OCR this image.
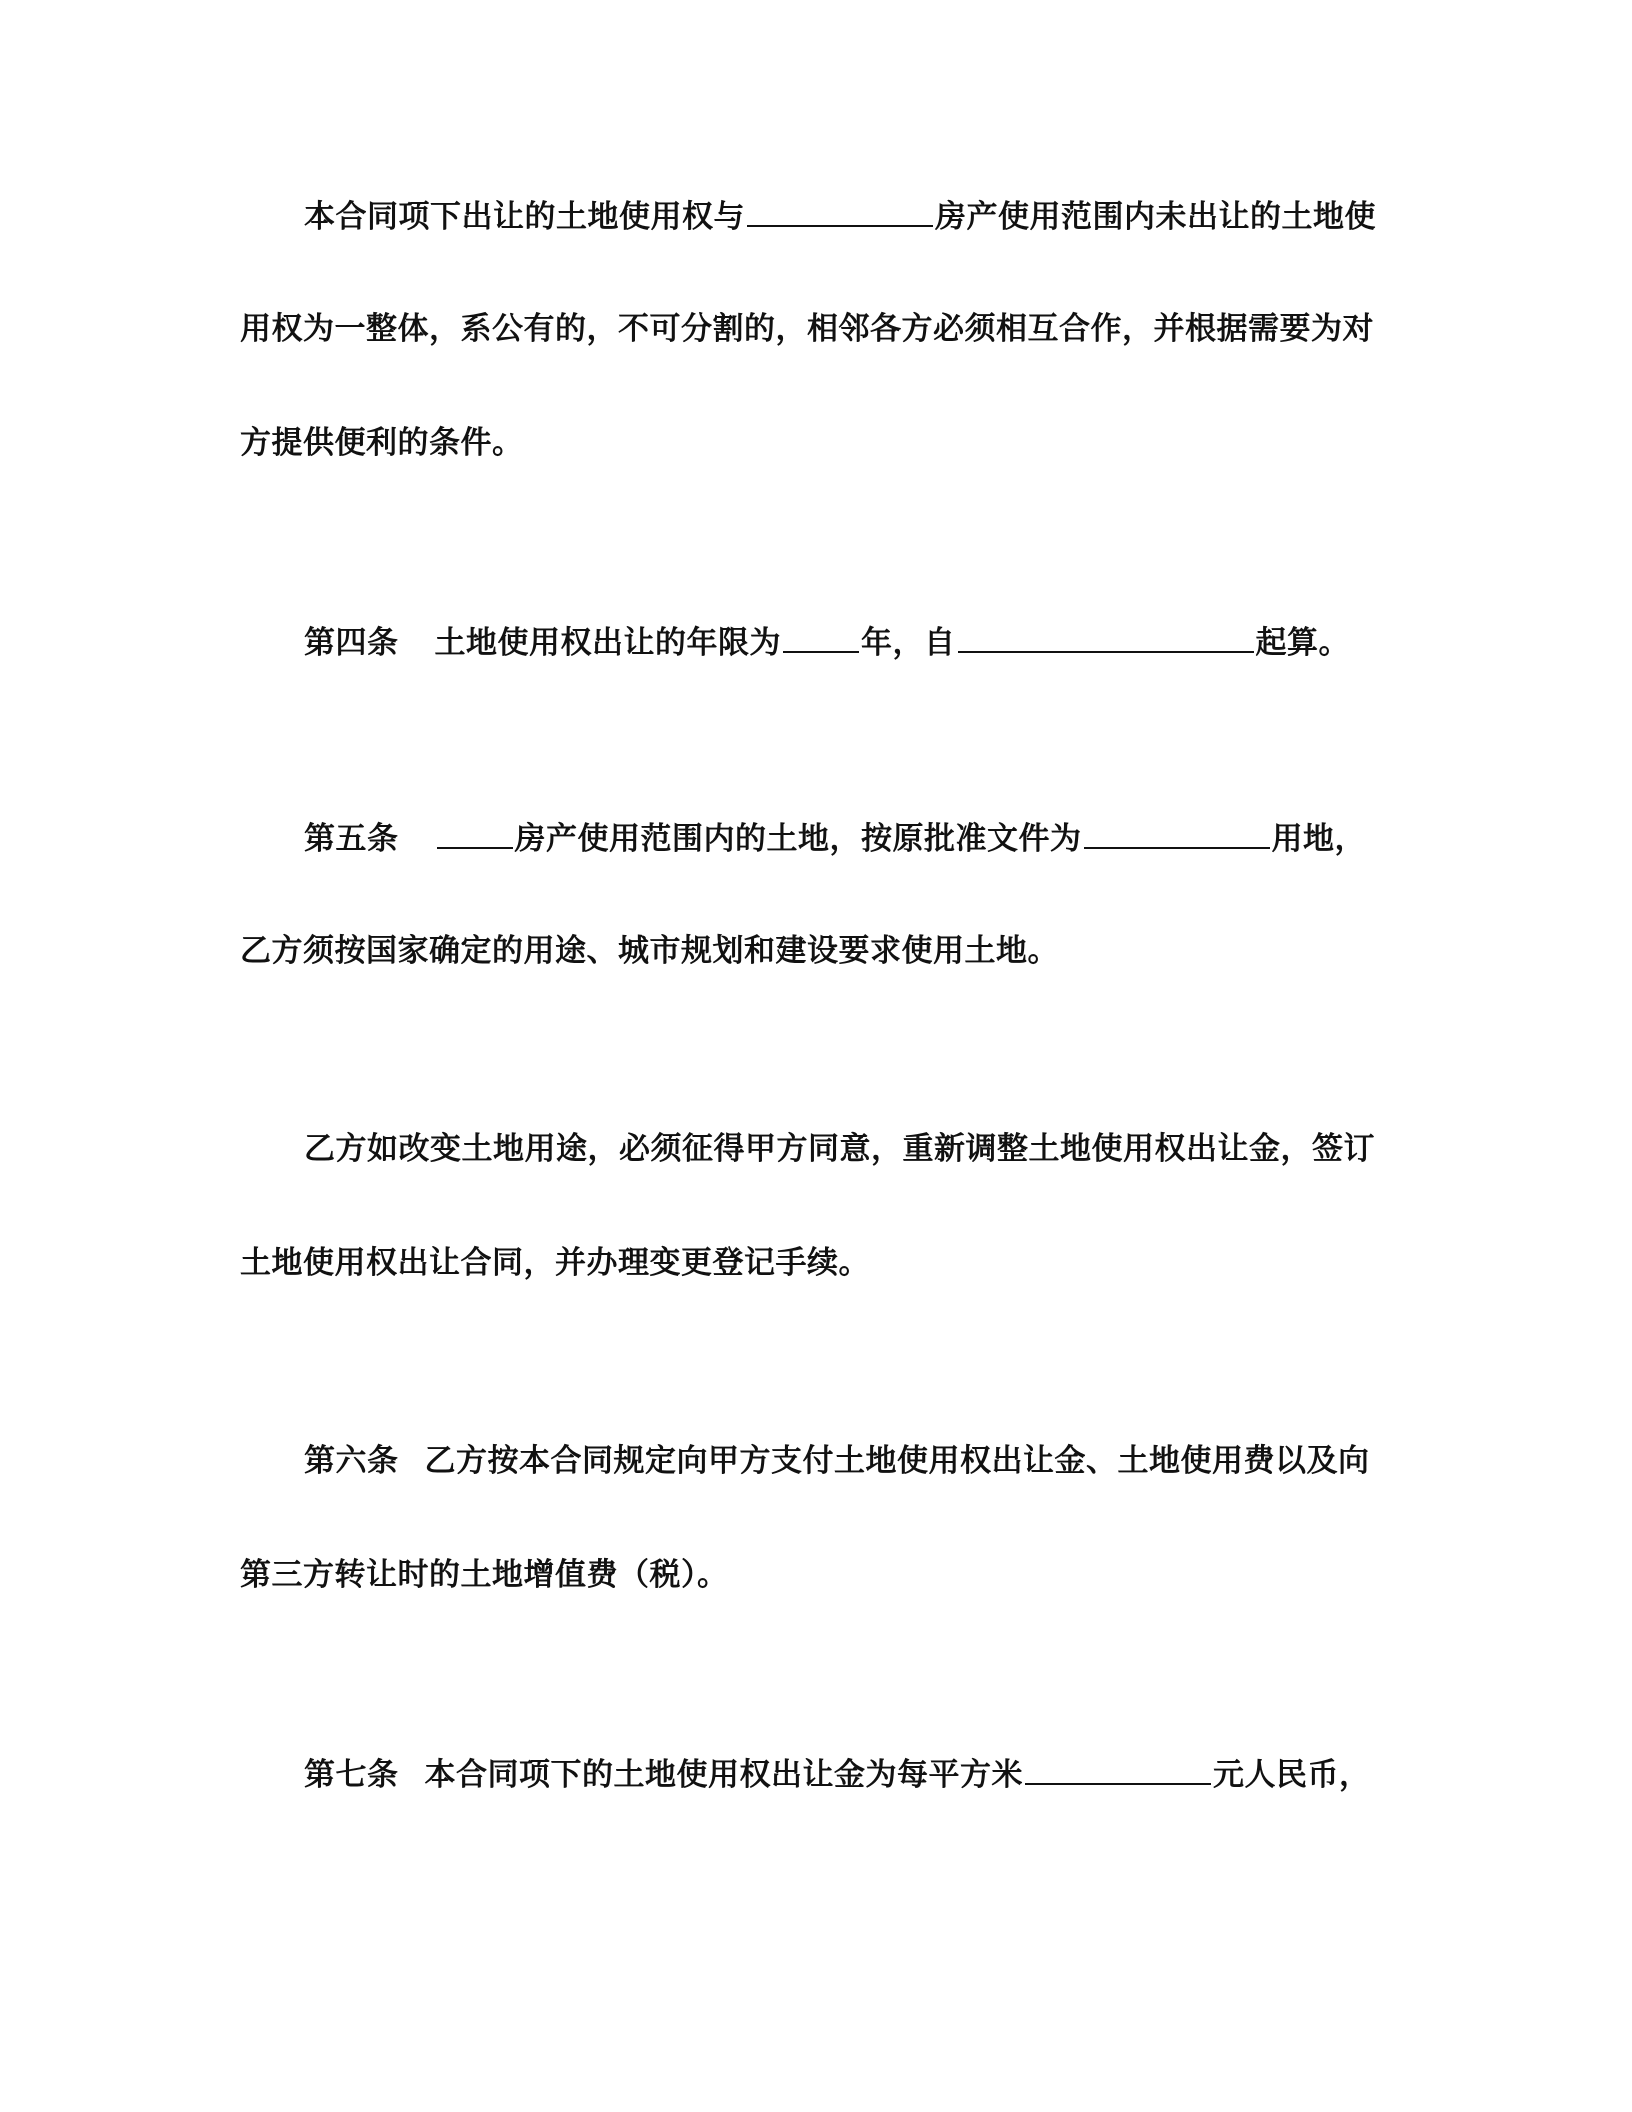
本合同项下出让的土地使用权与	房产使用范围内未出让的土地使
用权为一整体，系公有的，不可分割的，相邻各方必须相互合作，并根据需要为对
方提供便利的条件。
第四条 土地使用权出让的年限为	年，自	起算。
第五条	房产使用范围内的土地，按原批准文件为	用地，
乙方须按国家确定的用途、城市规划和建设要求使用土地。
乙方如改变土地用途，必须征得甲方同意，重新调整土地使用权出让金，签订
土地使用权出让合同，并办理变更登记手续。
第六条 乙方按本合同规定向甲方支付土地使用权出让金、土地使用费以及向
第三方转让时的土地增值费（税）。
第七条 本合同项下的土地使用权出让金为每平方米	元人民币，
